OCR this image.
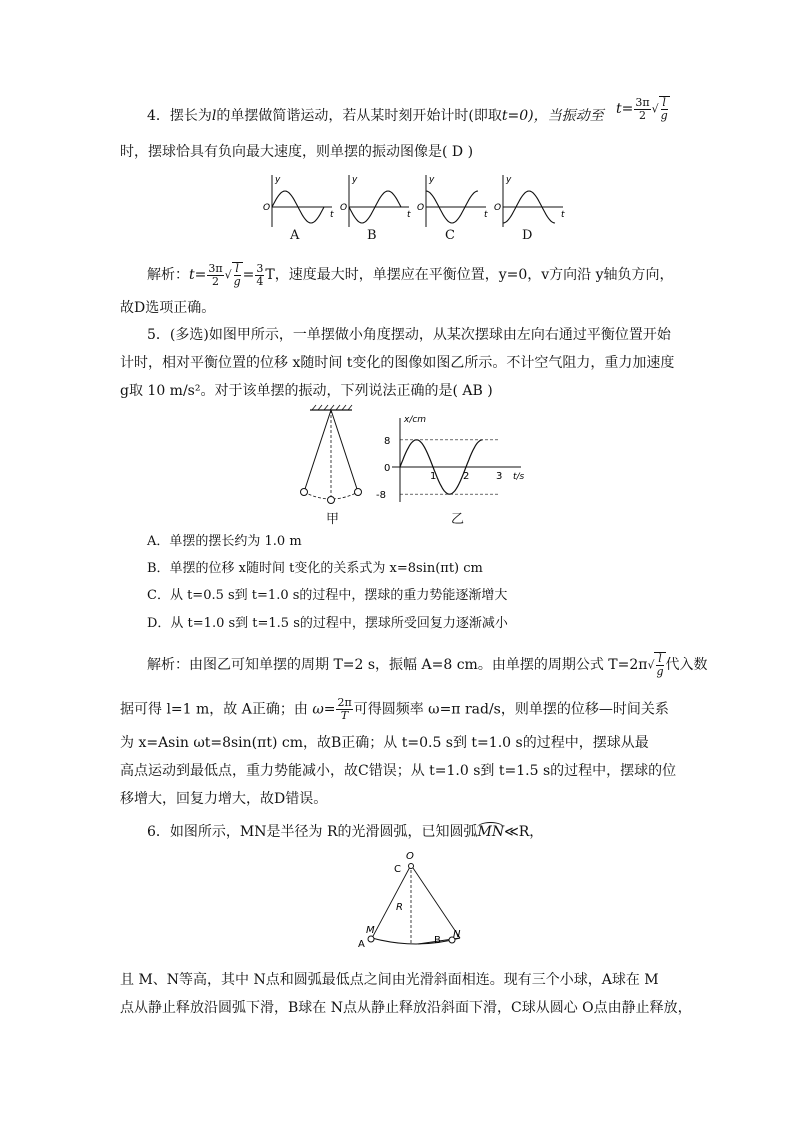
4．摆长为l的单摆做简谐运动，若从某时刻开始计时(即取t=0)，当振动至 $t= \frac{3\pi}{2}$ √ $\frac{l}{g}$
时，摆球恰具有负向最大速度，则单摆的振动图像是( D )
y
t
O
y
t
O
y
t
O
y
t
O
A	B	C	D
解析：$t= \frac{3\pi}{2}$ √ $\frac{l}{g} = \frac{3}{4}$ T，速度最大时，单摆应在平衡位置，y=0，v方向沿 y轴负方向，
故D选项正确。
5．(多选)如图甲所示，一单摆做小角度摆动，从某次摆球由左向右通过平衡位置开始
计时，相对平衡位置的位移 x随时间 t变化的图像如图乙所示。不计空气阻力，重力加速度
g取 10 m/s²。对于该单摆的振动，下列说法正确的是( AB )
甲
1	2	3
8
0
-8
x/cm
t/s
乙
A．单摆的摆长约为 1.0 m
B．单摆的位移 x随时间 t变化的关系式为 x=8sin(πt) cm
C．从 t=0.5 s到 t=1.0 s的过程中，摆球的重力势能逐渐增大
D．从 t=1.0 s到 t=1.5 s的过程中，摆球所受回复力逐渐减小
解析：由图乙可知单摆的周期 T=2 s，振幅 A=8 cm。由单摆的周期公式 $T=2\pi√ \frac{l}{g}$ 代入数
据可得 l=1 m，故 A正确；由 $\omega= \frac{2\pi}{T}$ 可得圆频率 ω=π rad/s，则单摆的位移—时间关系
为 x=Asin ωt=8sin(πt) cm，故B正确；从 t=0.5 s到 t=1.0 s的过程中，摆球从最
高点运动到最低点，重力势能减小，故C错误；从 t=1.0 s到 t=1.5 s的过程中，摆球的位
移增大，回复力增大，故D错误。
6．如图所示，MN是半径为 R的光滑圆弧，已知圆弧MN≪R，
O
C
R
M
A
N
B
且 M、N等高，其中 N点和圆弧最低点之间由光滑斜面相连。现有三个小球，A球在 M
点从静止释放沿圆弧下滑，B球在 N点从静止释放沿斜面下滑，C球从圆心 O点由静止释放，
